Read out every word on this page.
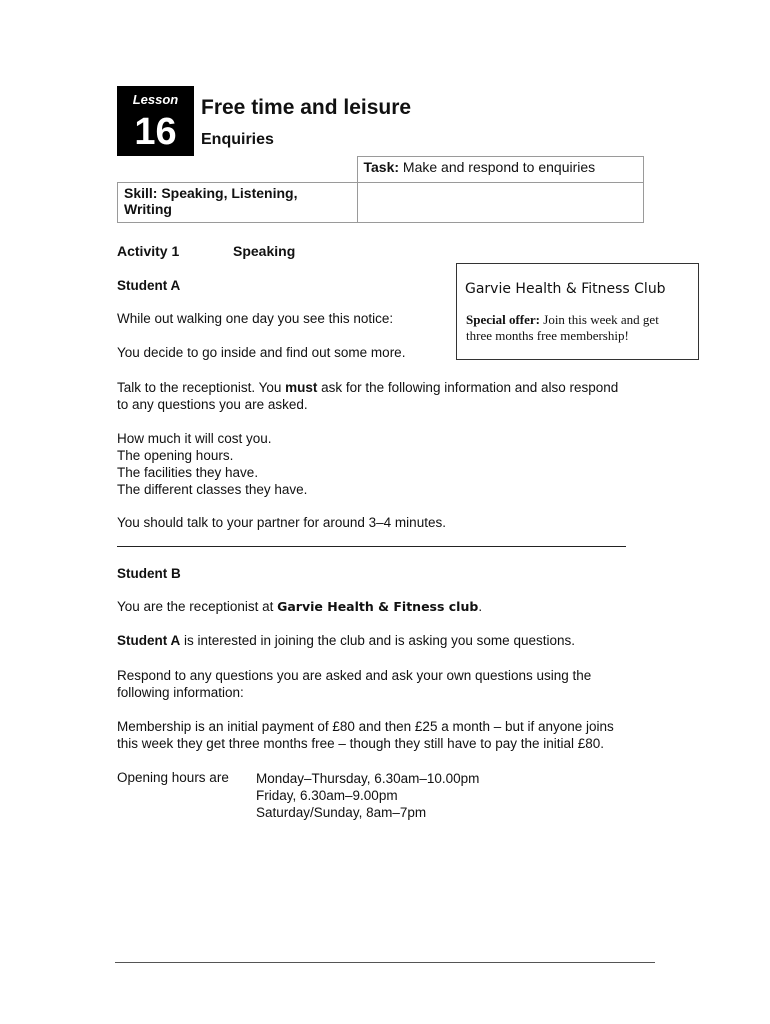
Lesson
16
Free time and leisure
Enquiries
	Task: Make and respond to enquiries

Skill: Speaking, Listening,
Writing	

Activity 1	Speaking
Student A
While out walking one day you see this notice:
You decide to go inside and find out some more.
Garvie Health & Fitness Club
Special offer: Join this week and get
three months free membership!
Talk to the receptionist. You must ask for the following information and also respond
to any questions you are asked.
How much it will cost you.
The opening hours.
The facilities they have.
The different classes they have.
You should talk to your partner for around 3–4 minutes.
Student B
You are the receptionist at Garvie Health & Fitness club.
Student A is interested in joining the club and is asking you some questions.
Respond to any questions you are asked and ask your own questions using the
following information:
Membership is an initial payment of £80 and then £25 a month – but if anyone joins
this week they get three months free – though they still have to pay the initial £80.
Opening hours are Monday–Thursday, 6.30am–10.00pm
Friday, 6.30am–9.00pm
Saturday/Sunday, 8am–7pm
